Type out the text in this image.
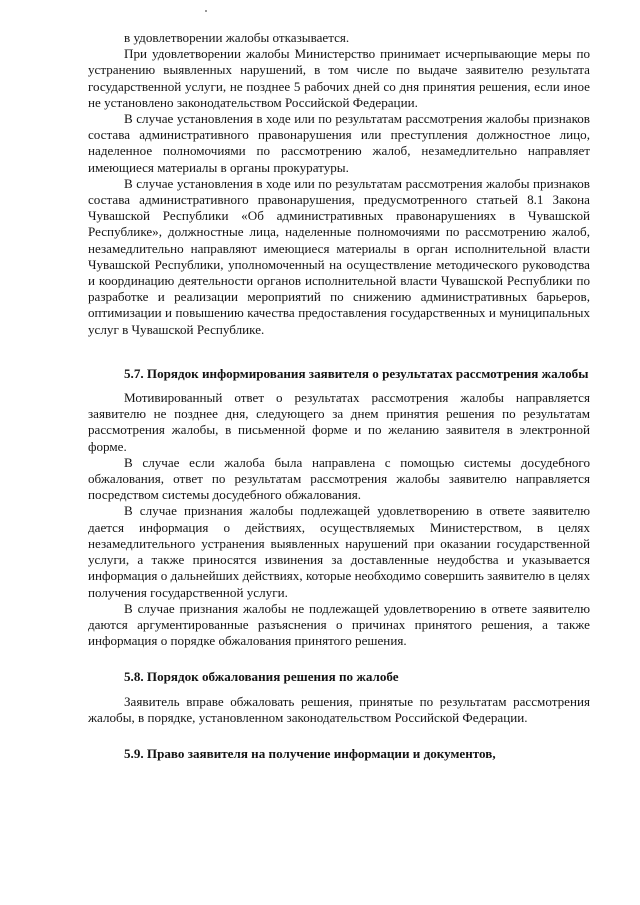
в удовлетворении жалобы отказывается.

При удовлетворении жалобы Министерство принимает исчерпывающие меры по устранению выявленных нарушений, в том числе по выдаче заявителю результата государственной услуги, не позднее 5 рабочих дней со дня принятия решения, если иное не установлено законодательством Российской Федерации.

В случае установления в ходе или по результатам рассмотрения жалобы признаков состава административного правонарушения или преступления должностное лицо, наделенное полномочиями по рассмотрению жалоб, незамедлительно направляет имеющиеся материалы в органы прокуратуры.

В случае установления в ходе или по результатам рассмотрения жалобы признаков состава административного правонарушения, предусмотренного статьей 8.1 Закона Чувашской Республики «Об административных правонарушениях в Чувашской Республике», должностные лица, наделенные полномочиями по рассмотрению жалоб, незамедлительно направляют имеющиеся материалы в орган исполнительной власти Чувашской Республики, уполномоченный на осуществление методического руководства и координацию деятельности органов исполнительной власти Чувашской Республики по разработке и реализации мероприятий по снижению административных барьеров, оптимизации и повышению качества предоставления государственных и муниципальных услуг в Чувашской Республике.

5.7. Порядок информирования заявителя о результатах рассмотрения жалобы

Мотивированный ответ о результатах рассмотрения жалобы направляется заявителю не позднее дня, следующего за днем принятия решения по результатам рассмотрения жалобы, в письменной форме и по желанию заявителя в электронной форме.

В случае если жалоба была направлена с помощью системы досудебного обжалования, ответ по результатам рассмотрения жалобы заявителю направляется посредством системы досудебного обжалования.

В случае признания жалобы подлежащей удовлетворению в ответе заявителю дается информация о действиях, осуществляемых Министерством, в целях незамедлительного устранения выявленных нарушений при оказании государственной услуги, а также приносятся извинения за доставленные неудобства и указывается информация о дальнейших действиях, которые необходимо совершить заявителю в целях получения государственной услуги.

В случае признания жалобы не подлежащей удовлетворению в ответе заявителю даются аргументированные разъяснения о причинах принятого решения, а также информация о порядке обжалования принятого решения.

5.8. Порядок обжалования решения по жалобе

Заявитель вправе обжаловать решения, принятые по результатам рассмотрения жалобы, в порядке, установленном законодательством Российской Федерации.

5.9. Право заявителя на получение информации и документов,
